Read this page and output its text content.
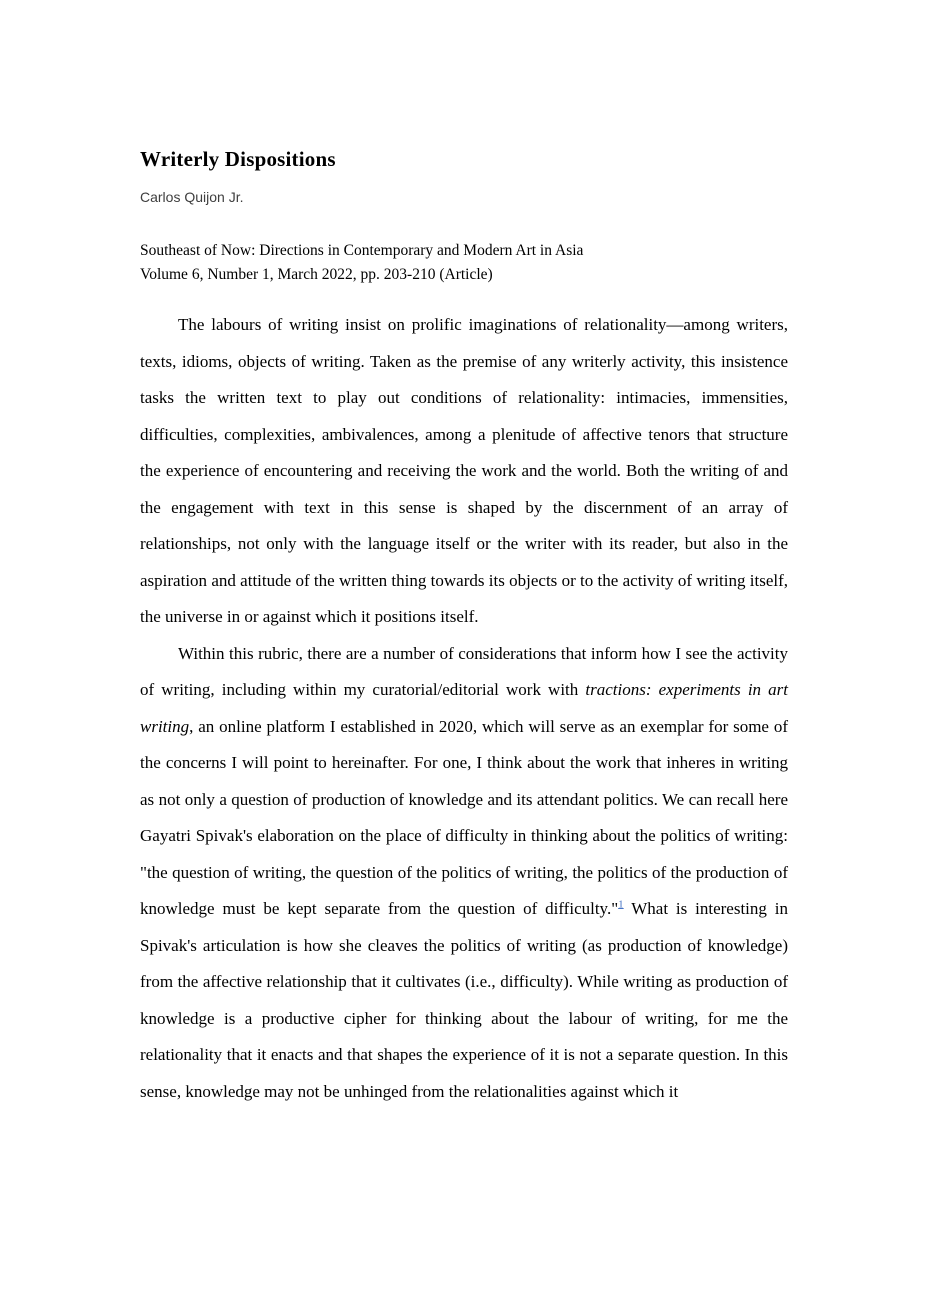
Writerly Dispositions
Carlos Quijon Jr.
Southeast of Now: Directions in Contemporary and Modern Art in Asia
Volume 6, Number 1, March 2022, pp. 203-210 (Article)

The labours of writing insist on prolific imaginations of relationality—among writers, texts, idioms, objects of writing. Taken as the premise of any writerly activity, this insistence tasks the written text to play out conditions of relationality: intimacies, immensities, difficulties, complexities, ambivalences, among a plenitude of affective tenors that structure the experience of encountering and receiving the work and the world. Both the writing of and the engagement with text in this sense is shaped by the discernment of an array of relationships, not only with the language itself or the writer with its reader, but also in the aspiration and attitude of the written thing towards its objects or to the activity of writing itself, the universe in or against which it positions itself.

Within this rubric, there are a number of considerations that inform how I see the activity of writing, including within my curatorial/editorial work with tractions: experiments in art writing, an online platform I established in 2020, which will serve as an exemplar for some of the concerns I will point to hereinafter. For one, I think about the work that inheres in writing as not only a question of production of knowledge and its attendant politics. We can recall here Gayatri Spivak's elaboration on the place of difficulty in thinking about the politics of writing: "the question of writing, the question of the politics of writing, the politics of the production of knowledge must be kept separate from the question of difficulty."$^1$ What is interesting in Spivak's articulation is how she cleaves the politics of writing (as production of knowledge) from the affective relationship that it cultivates (i.e., difficulty). While writing as production of knowledge is a productive cipher for thinking about the labour of writing, for me the relationality that it enacts and that shapes the experience of it is not a separate question. In this sense, knowledge may not be unhinged from the relationalities against which it
